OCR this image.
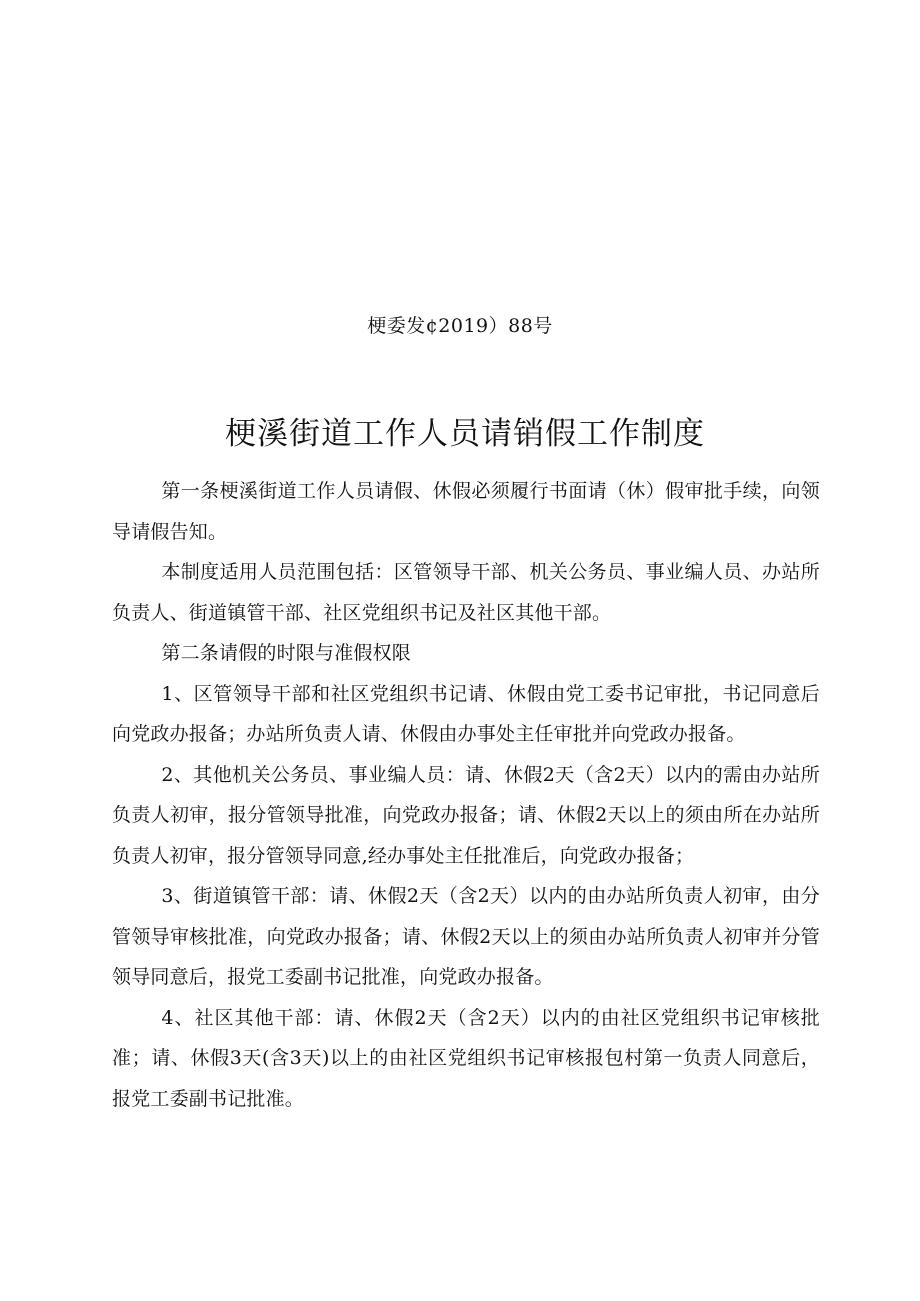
梗委发¢2019）88号
梗溪街道工作人员请销假工作制度

第一条梗溪街道工作人员请假、休假必须履行书面请（休）假审批手续，向领导请假告知。

本制度适用人员范围包括：区管领导干部、机关公务员、事业编人员、办站所负责人、街道镇管干部、社区党组织书记及社区其他干部。

第二条请假的时限与准假权限

1、区管领导干部和社区党组织书记请、休假由党工委书记审批，书记同意后向党政办报备；办站所负责人请、休假由办事处主任审批并向党政办报备。

2、其他机关公务员、事业编人员：请、休假2天（含2天）以内的需由办站所负责人初审，报分管领导批准，向党政办报备；请、休假2天以上的须由所在办站所负责人初审，报分管领导同意,经办事处主任批准后，向党政办报备；

3、街道镇管干部：请、休假2天（含2天）以内的由办站所负责人初审，由分管领导审核批准，向党政办报备；请、休假2天以上的须由办站所负责人初审并分管领导同意后，报党工委副书记批准，向党政办报备。

4、社区其他干部：请、休假2天（含2天）以内的由社区党组织书记审核批准；请、休假3天(含3天)以上的由社区党组织书记审核报包村第一负责人同意后，报党工委副书记批准。
